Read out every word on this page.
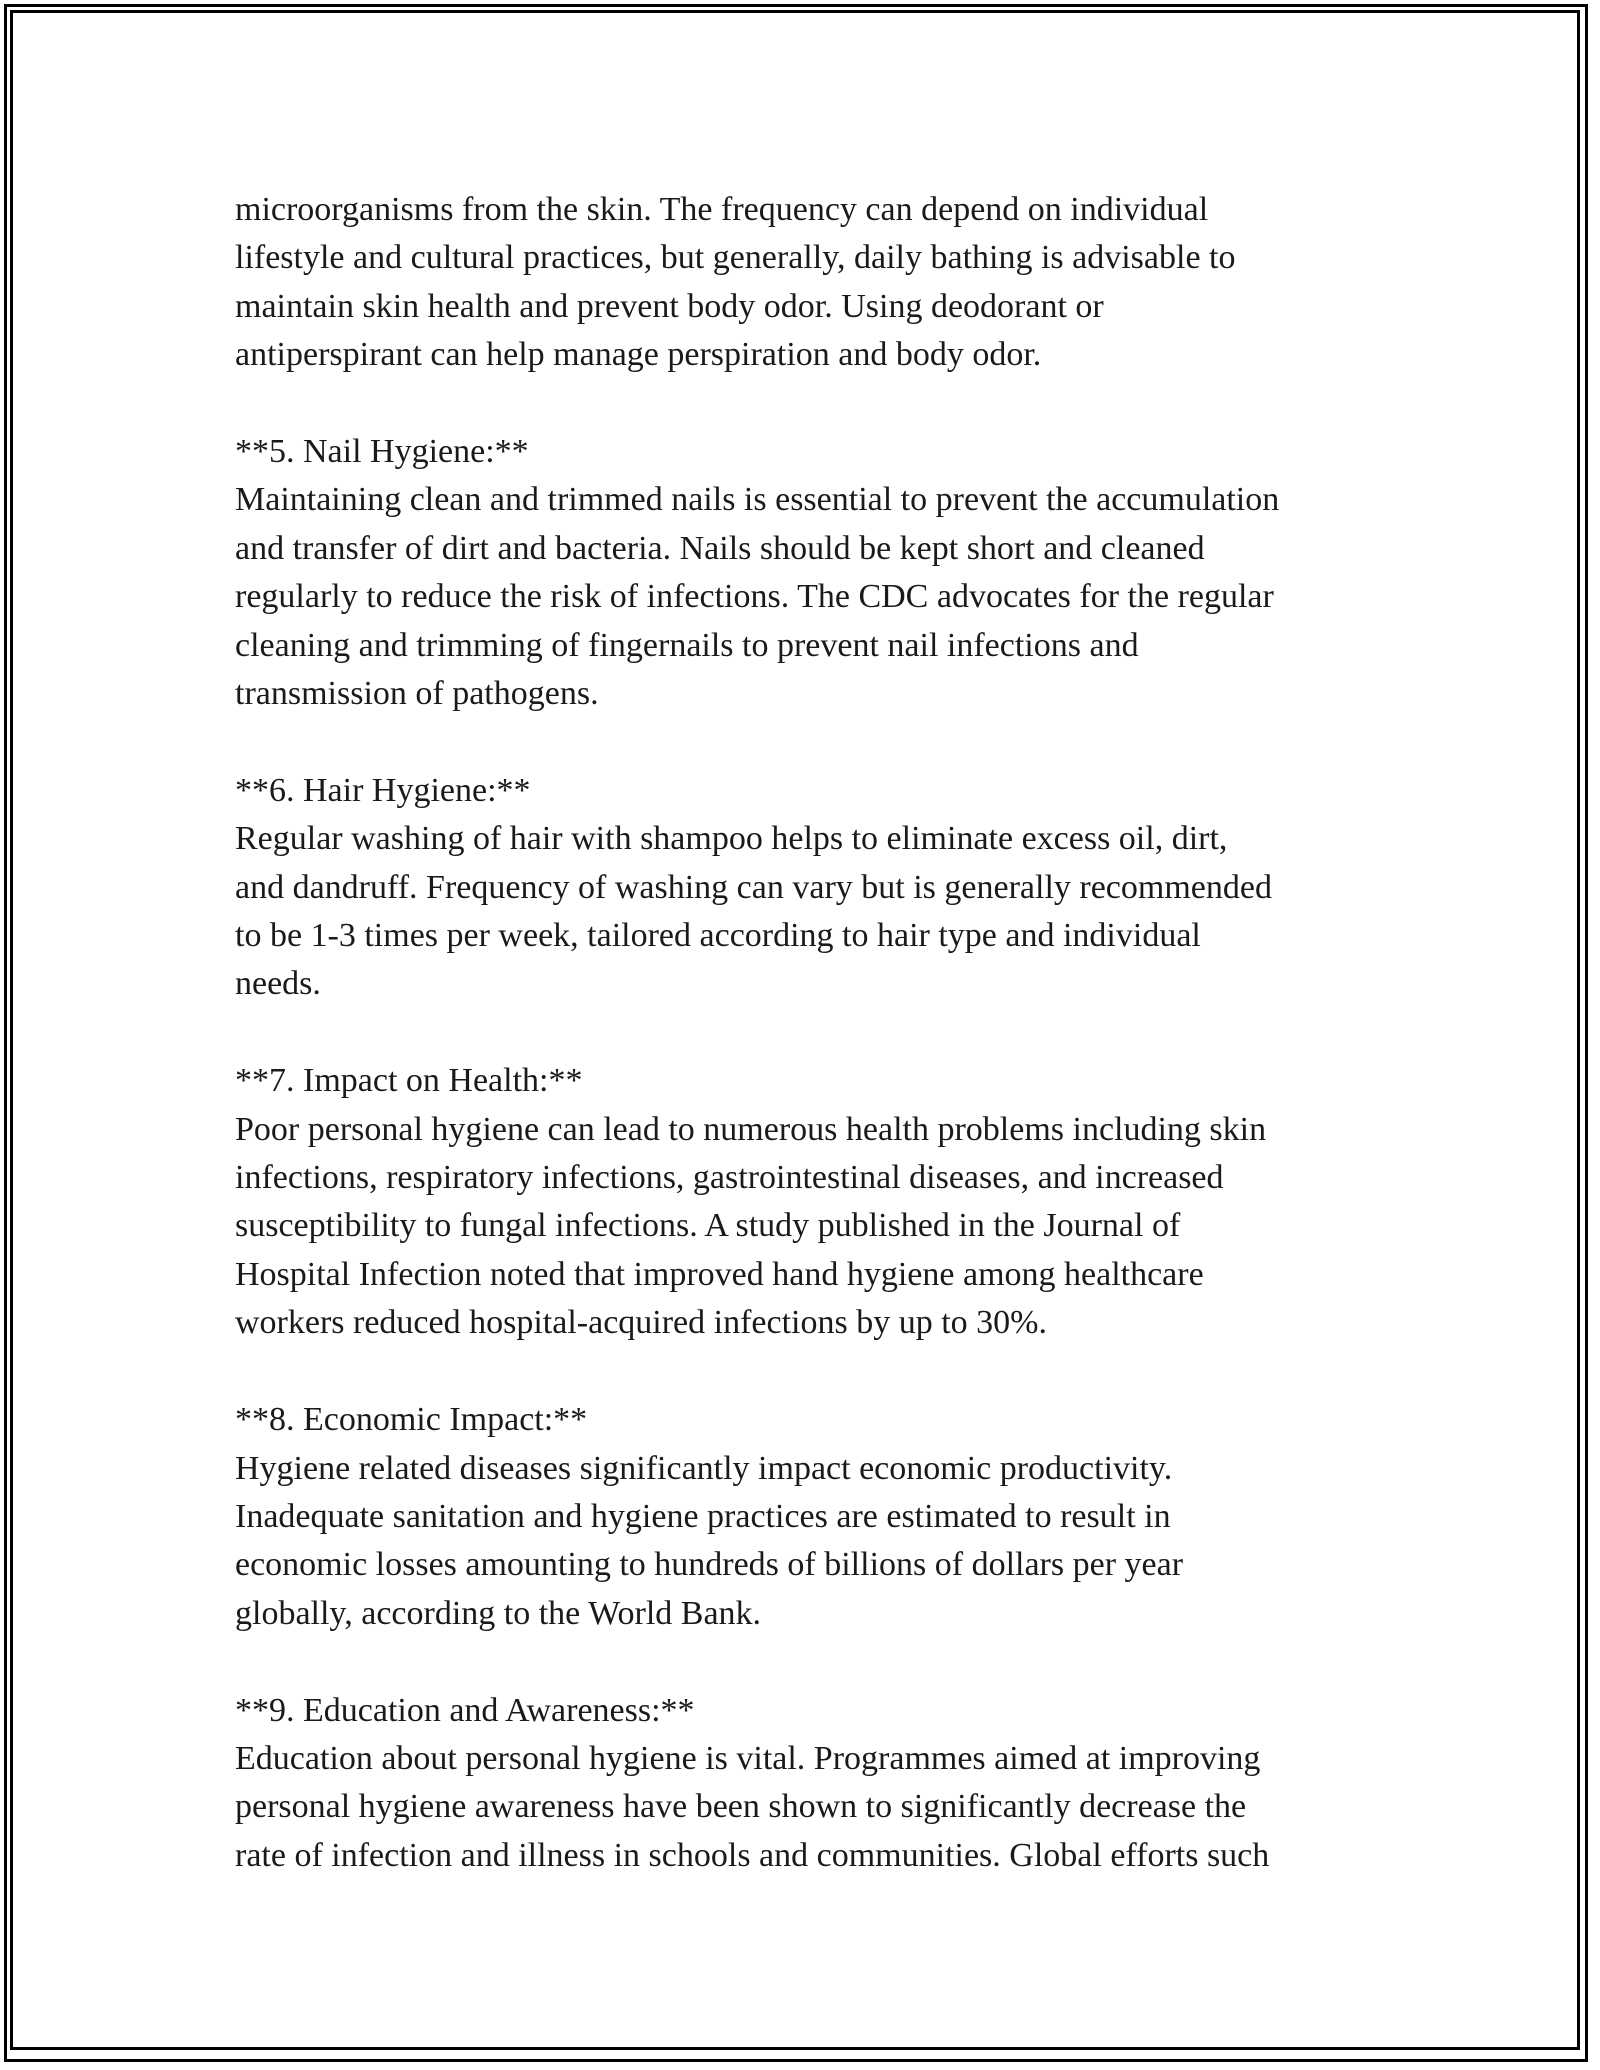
microorganisms from the skin. The frequency can depend on individual
lifestyle and cultural practices, but generally, daily bathing is advisable to
maintain skin health and prevent body odor. Using deodorant or
antiperspirant can help manage perspiration and body odor.

**5. Nail Hygiene:**

Maintaining clean and trimmed nails is essential to prevent the accumulation
and transfer of dirt and bacteria. Nails should be kept short and cleaned
regularly to reduce the risk of infections. The CDC advocates for the regular
cleaning and trimming of fingernails to prevent nail infections and
transmission of pathogens.

**6. Hair Hygiene:**

Regular washing of hair with shampoo helps to eliminate excess oil, dirt,
and dandruff. Frequency of washing can vary but is generally recommended
to be 1-3 times per week, tailored according to hair type and individual
needs.

**7. Impact on Health:**

Poor personal hygiene can lead to numerous health problems including skin
infections, respiratory infections, gastrointestinal diseases, and increased
susceptibility to fungal infections. A study published in the Journal of
Hospital Infection noted that improved hand hygiene among healthcare
workers reduced hospital-acquired infections by up to 30%.

**8. Economic Impact:**

Hygiene related diseases significantly impact economic productivity.
Inadequate sanitation and hygiene practices are estimated to result in
economic losses amounting to hundreds of billions of dollars per year
globally, according to the World Bank.

**9. Education and Awareness:**

Education about personal hygiene is vital. Programmes aimed at improving
personal hygiene awareness have been shown to significantly decrease the
rate of infection and illness in schools and communities. Global efforts such
